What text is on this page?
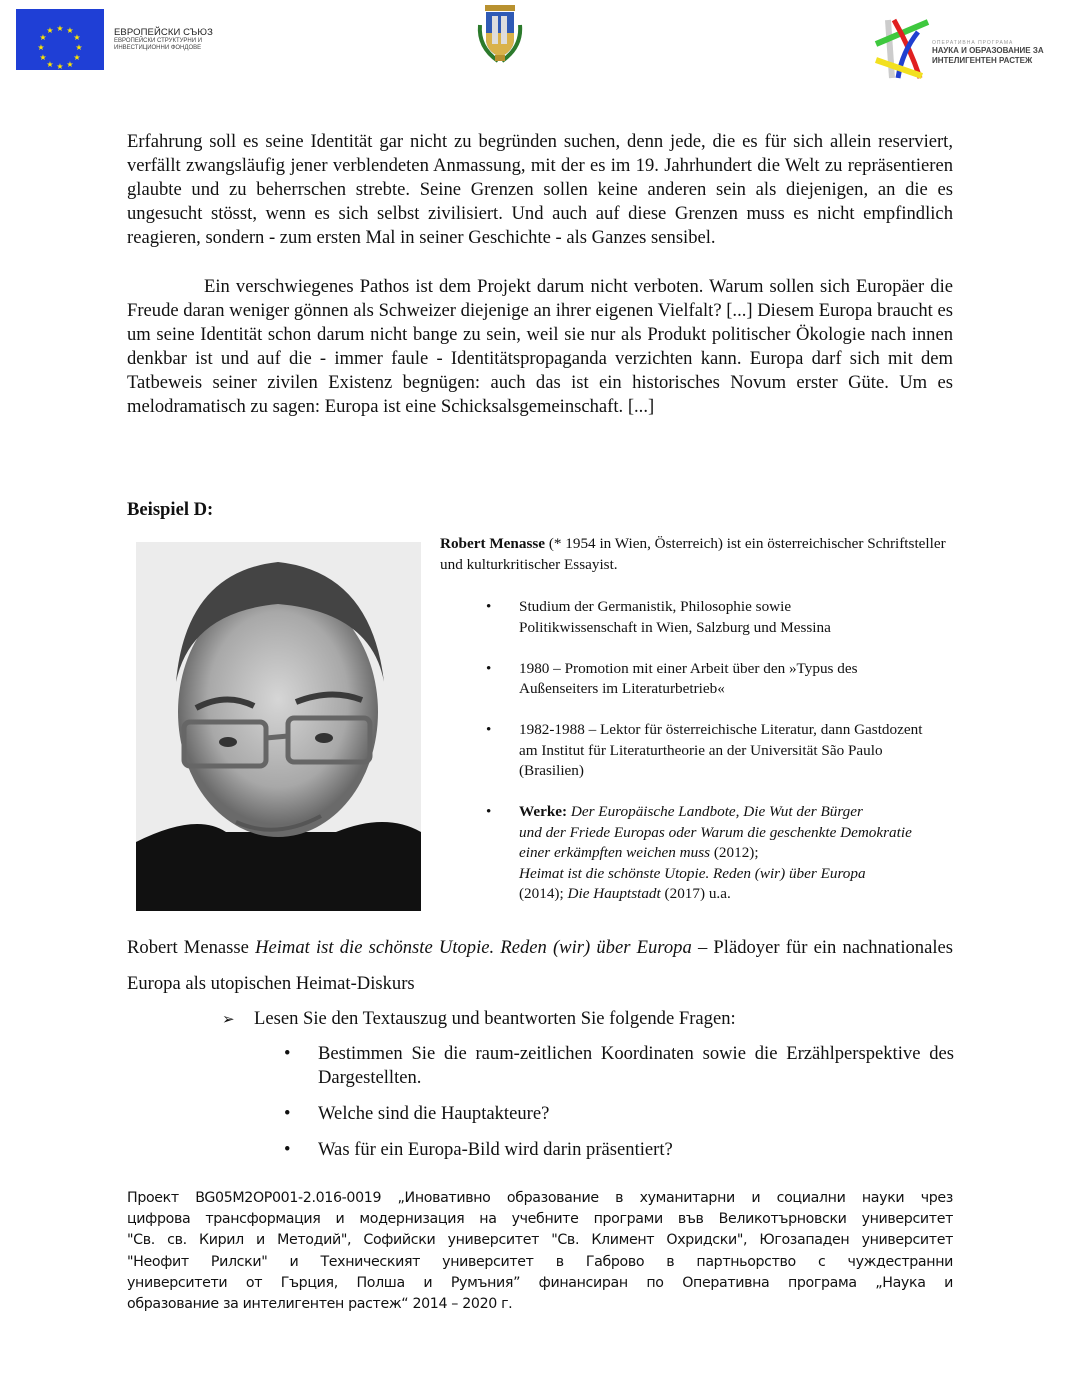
★ ★
★
★
★
★
★
★
★
★
★
★	ЕВРОПЕЙСКИ СЪЮЗ
ЕВРОПЕЙСКИ СТРУКТУРНИ И
ИНВЕСТИЦИОННИ ФОНДОВЕ
ОПЕРАТИВНА ПРОГРАМА
НАУКА И ОБРАЗОВАНИЕ ЗА
ИНТЕЛИГЕНТЕН РАСТЕЖ
Erfahrung soll es seine Identität gar nicht zu begründen suchen, denn jede, die es für sich allein reserviert, verfällt zwangsläufig jener verblendeten Anmassung, mit der es im 19. Jahrhundert die Welt zu repräsentieren glaubte und zu beherrschen strebte. Seine Grenzen sollen keine anderen sein als diejenigen, an die es ungesucht stösst, wenn es sich selbst zivilisiert. Und auch auf diese Grenzen muss es nicht empfindlich reagieren, sondern - zum ersten Mal in seiner Geschichte - als Ganzes sensibel.
Ein verschwiegenes Pathos ist dem Projekt darum nicht verboten. Warum sollen sich Europäer die Freude daran weniger gönnen als Schweizer diejenige an ihrer eigenen Vielfalt? [...] Diesem Europa braucht es um seine Identität schon darum nicht bange zu sein, weil sie nur als Produkt politischer Ökologie nach innen denkbar ist und auf die - immer faule - Identitätspropaganda verzichten kann. Europa darf sich mit dem Tatbeweis seiner zivilen Existenz begnügen: auch das ist ein historisches Novum erster Güte. Um es melodramatisch zu sagen: Europa ist eine Schicksalsgemeinschaft. [...]
Beispiel D:

Robert Menasse (* 1954 in Wien, Österreich) ist ein österreichischer Schriftsteller und kulturkritischer Essayist.

• Studium der Germanistik, Philosophie sowie
Politikwissenschaft in Wien, Salzburg und Messina
• 1980 – Promotion mit einer Arbeit über den »Typus des Außenseiters im Literaturbetrieb«
• 1982-1988 – Lektor für österreichische Literatur, dann Gastdozent am Institut für Literaturtheorie an der Universität São Paulo (Brasilien)
• Werke: Der Europäische Landbote, Die Wut der Bürger
und der Friede Europas oder Warum die geschenkte Demokratie einer erkämpften weichen muss (2012);
Heimat ist die schönste Utopie. Reden (wir) über Europa
(2014); Die Hauptstadt (2017) u.a.
Robert Menasse Heimat ist die schönste Utopie. Reden (wir) über Europa – Plädoyer für ein nachnationales Europa als utopischen Heimat-Diskurs
➢ Lesen Sie den Textauszug und beantworten Sie folgende Fragen:
• Bestimmen Sie die raum-zeitlichen Koordinaten sowie die Erzählperspektive des Dargestellten.
• Welche sind die Hauptakteure?
• Was für ein Europa-Bild wird darin präsentiert?
Проект BG05M2OP001-2.016-0019 „Иновативно образование в хуманитарни и социални науки чрез
цифрова трансформация и модернизация на учебните програми във Великотърновски университет
"Св. св. Кирил и Методий", Софийски университет "Св. Климент Охридски", Югозападен университет
"Неофит Рилски" и Техническият университет в Габрово в партньорство с чуждестранни
университети от Гърция, Полша и Румъния” финансиран по Оперативна програма „Наука и
образование за интелигентен растеж“ 2014 – 2020 г.
